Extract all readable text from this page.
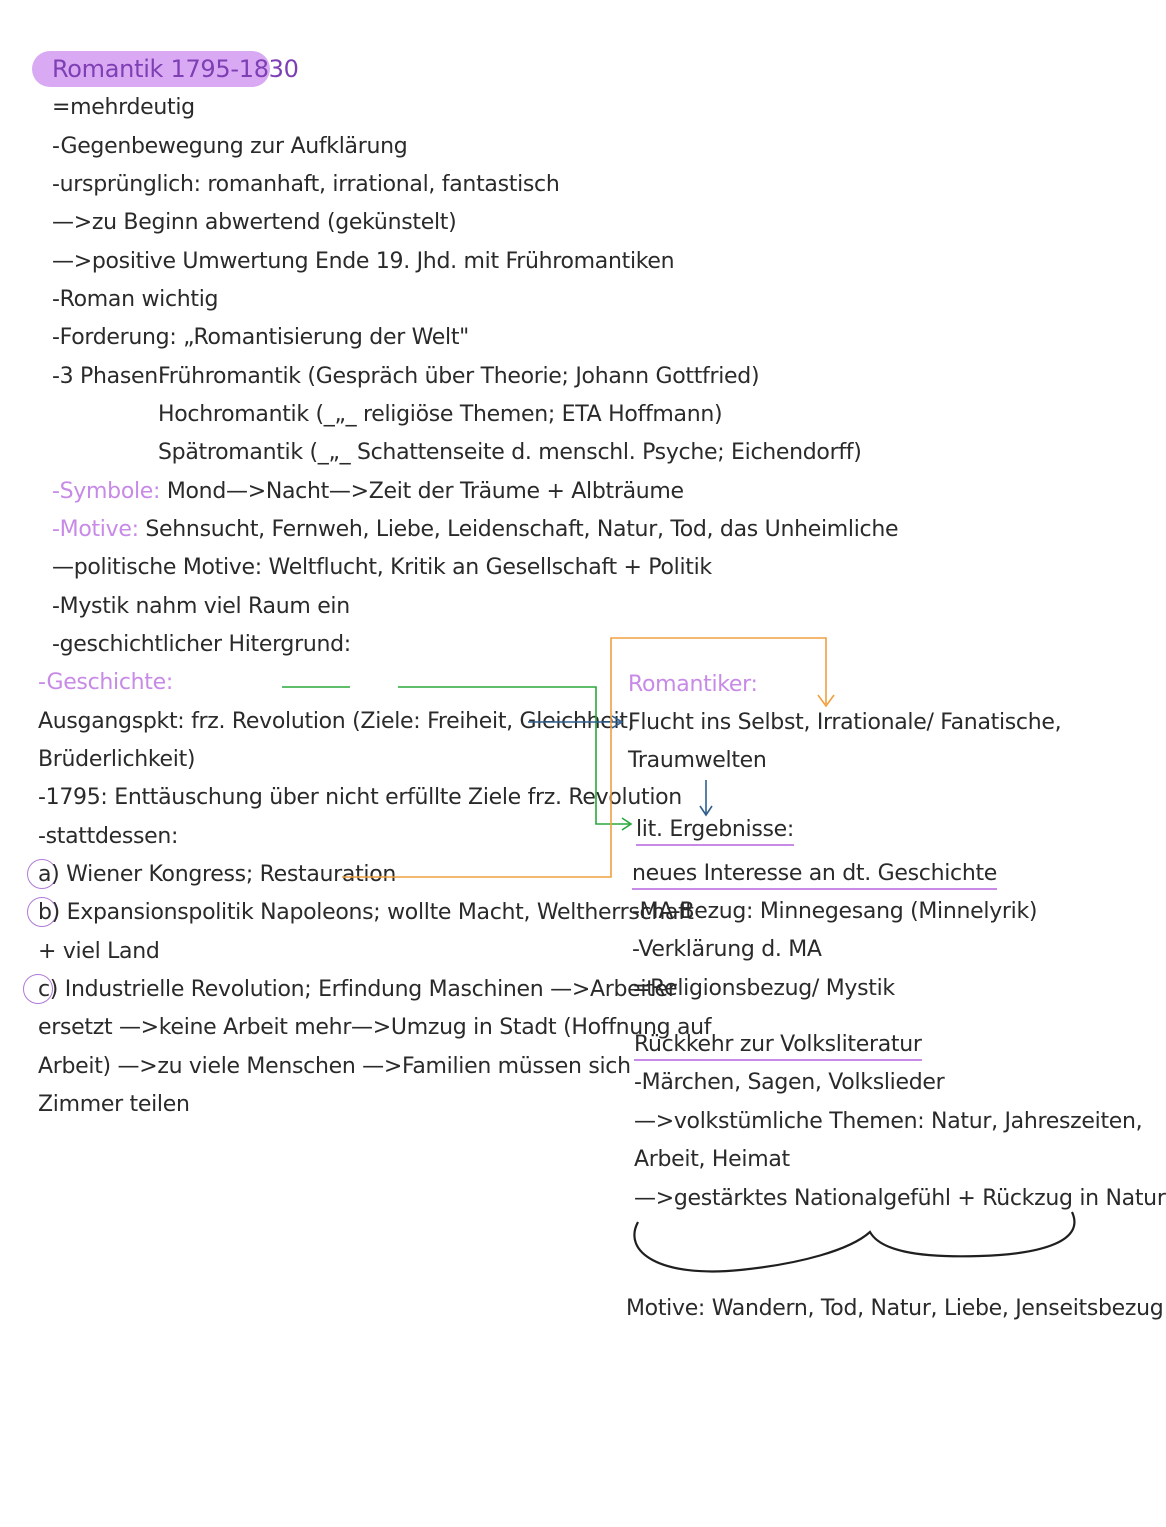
Romantik 1795-1830
=mehrdeutig
-Gegenbewegung zur Aufklärung
-ursprünglich: romanhaft, irrational, fantastisch
—>zu Beginn abwertend (gekünstelt)
—>positive Umwertung Ende 19. Jhd. mit Frühromantiken
-Roman wichtig
-Forderung: „Romantisierung der Welt"
-3 Phasen:
Frühromantik (Gespräch über Theorie; Johann Gottfried)
Hochromantik (_„_ religiöse Themen; ETA Hoffmann)
Spätromantik (_„_ Schattenseite d. menschl. Psyche; Eichendorff)
-Symbole: Mond—>Nacht—>Zeit der Träume + Albträume
-Motive: Sehnsucht, Fernweh, Liebe, Leidenschaft, Natur, Tod, das Unheimliche
—politische Motive: Weltflucht, Kritik an Gesellschaft + Politik
-Mystik nahm viel Raum ein
-geschichtlicher Hitergrund:
-Geschichte:
Ausgangspkt: frz. Revolution (Ziele: Freiheit, Gleichheit,
Brüderlichkeit)
-1795: Enttäuschung über nicht erfüllte Ziele frz. Revolution
-stattdessen:
a) Wiener Kongress; Restauration
b) Expansionspolitik Napoleons; wollte Macht, Weltherrschaft
+ viel Land
c) Industrielle Revolution; Erfindung Maschinen —>Arbeiter
ersetzt —>keine Arbeit mehr—>Umzug in Stadt (Hoffnung auf
Arbeit) —>zu viele Menschen —>Familien müssen sich
Zimmer teilen
Romantiker:
Flucht ins Selbst, Irrationale/ Fanatische,
Traumwelten
lit. Ergebnisse:
neues Interesse an dt. Geschichte
-MA-Bezug: Minnegesang (Minnelyrik)
-Verklärung d. MA
=Religionsbezug/ Mystik
Rückkehr zur Volksliteratur
-Märchen, Sagen, Volkslieder
—>volkstümliche Themen: Natur, Jahreszeiten,
Arbeit, Heimat
—>gestärktes Nationalgefühl + Rückzug in Natur
Motive: Wandern, Tod, Natur, Liebe, Jenseitsbezug
